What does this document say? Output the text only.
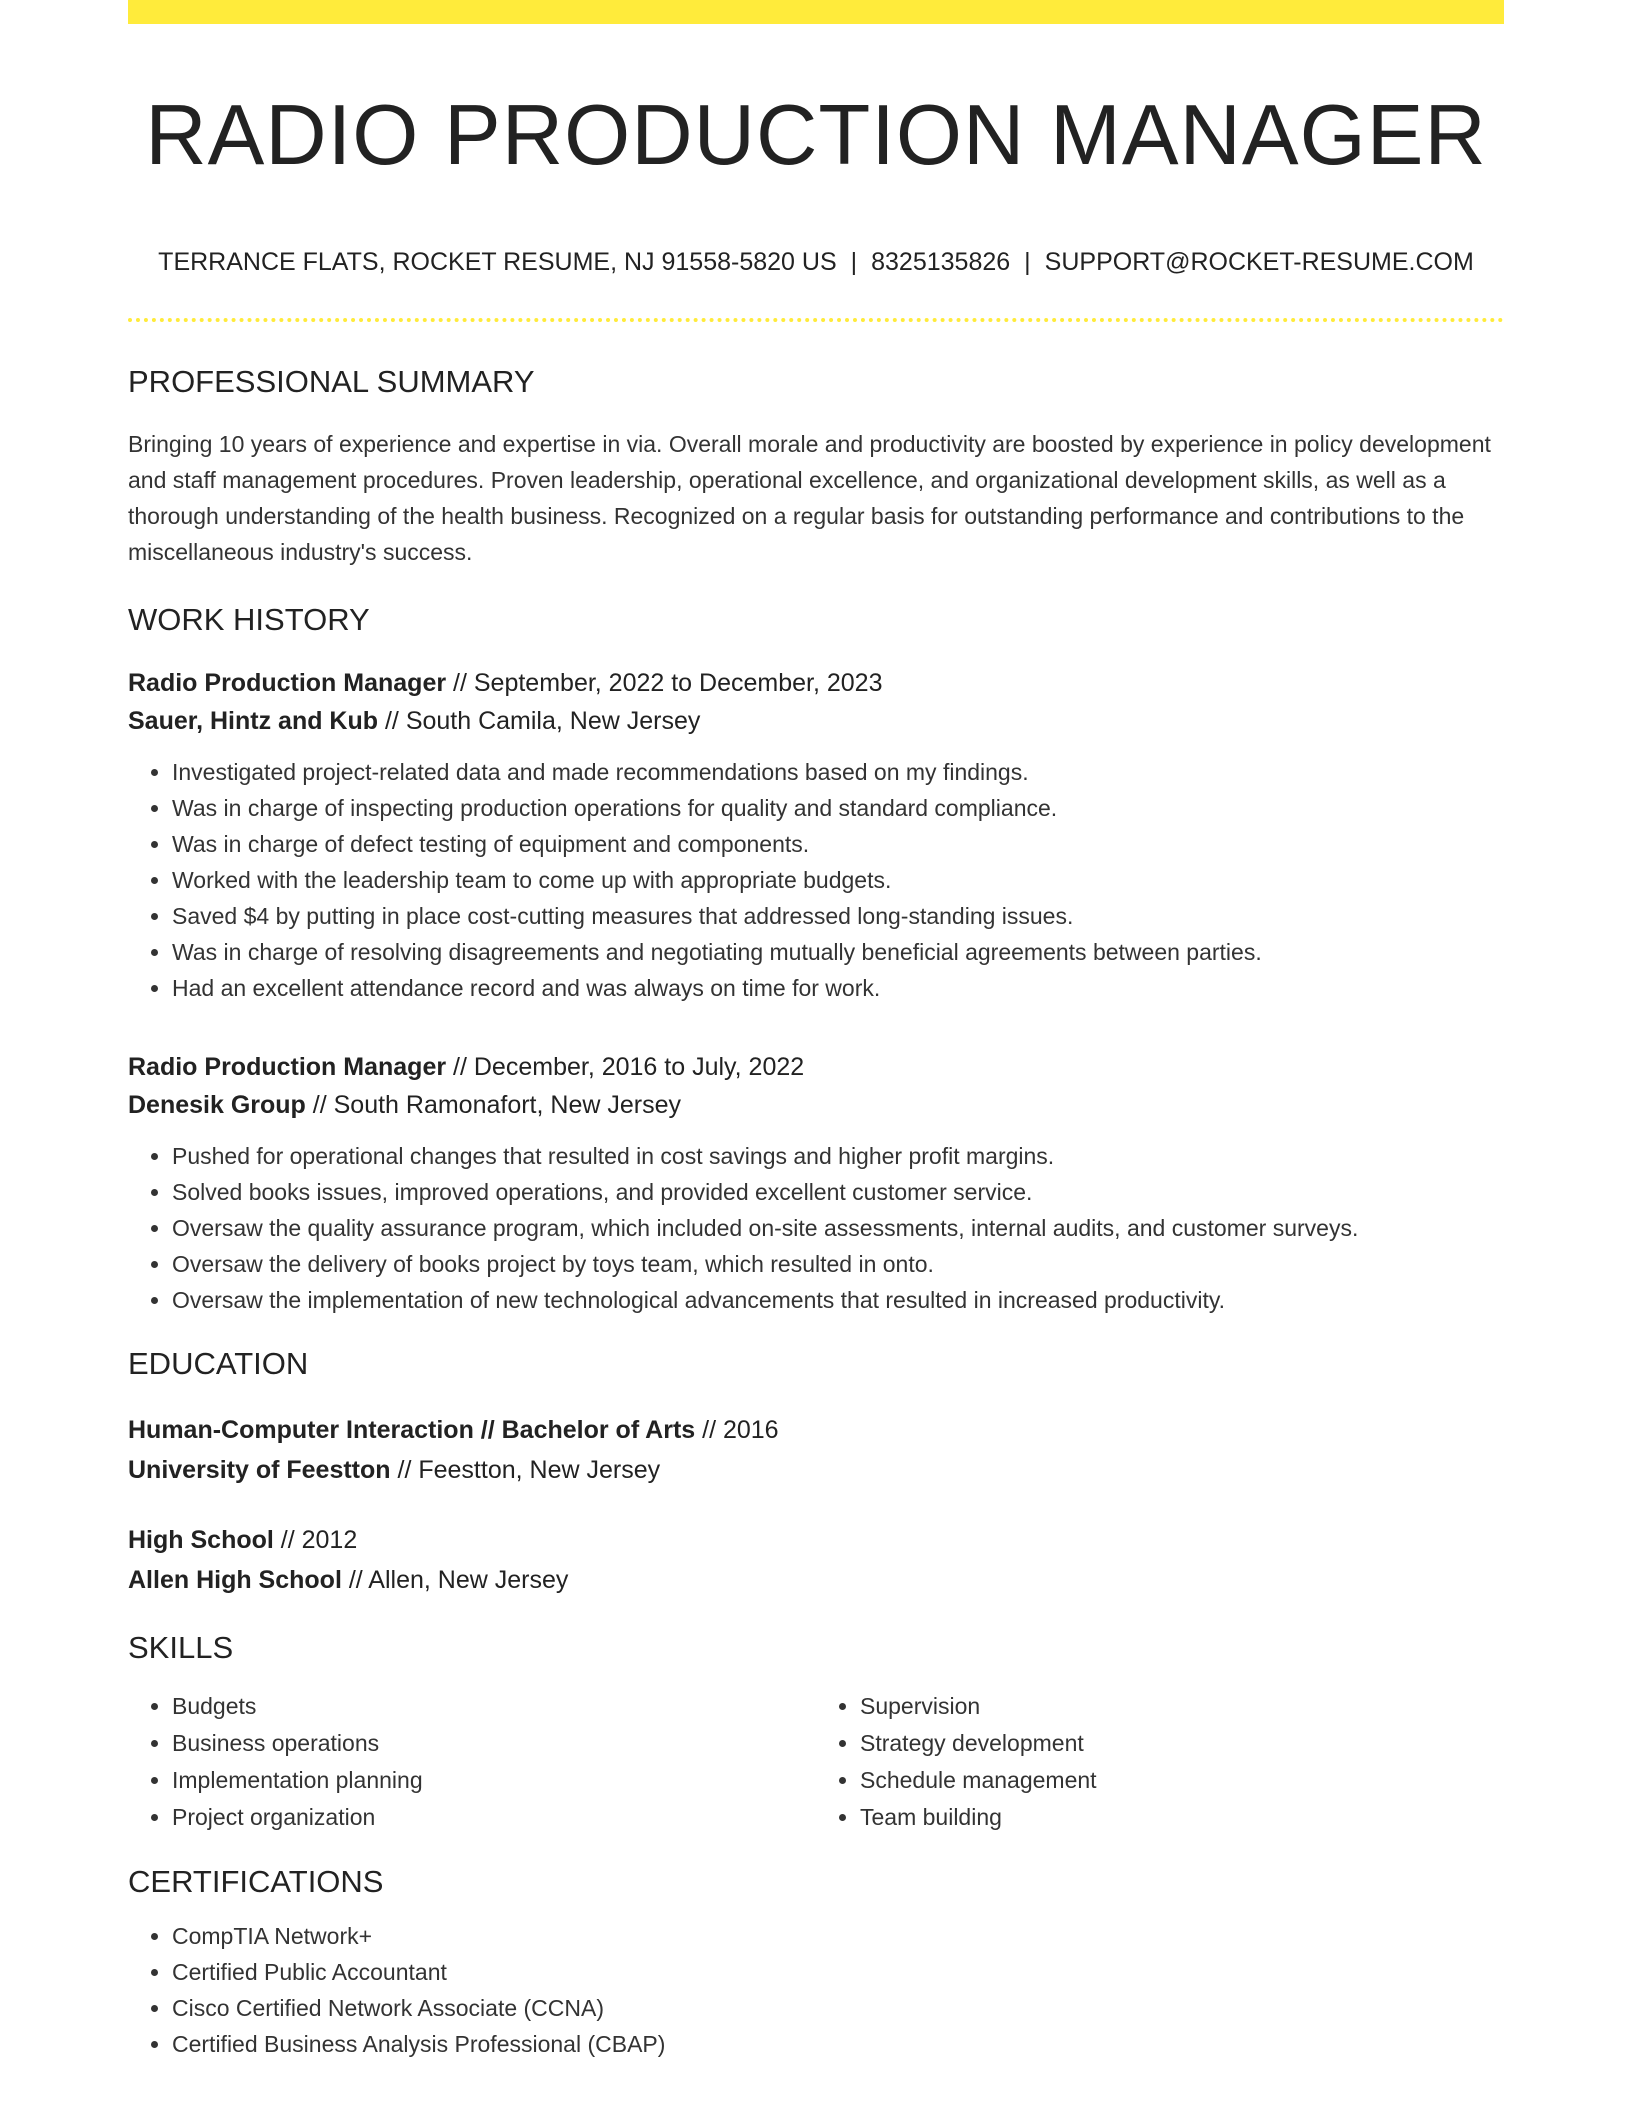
RADIO PRODUCTION MANAGER
TERRANCE FLATS, ROCKET RESUME, NJ 91558-5820 US | 8325135826 | SUPPORT@ROCKET-RESUME.COM
PROFESSIONAL SUMMARY

Bringing 10 years of experience and expertise in via. Overall morale and productivity are boosted by experience in policy development and staff management procedures. Proven leadership, operational excellence, and organizational development skills, as well as a thorough understanding of the health business. Recognized on a regular basis for outstanding performance and contributions to the miscellaneous industry's success.

WORK HISTORY
Radio Production Manager // September, 2022 to December, 2023
Sauer, Hintz and Kub // South Camila, New Jersey
• Investigated project-related data and made recommendations based on my findings.
• Was in charge of inspecting production operations for quality and standard compliance.
• Was in charge of defect testing of equipment and components.
• Worked with the leadership team to come up with appropriate budgets.
• Saved $4 by putting in place cost-cutting measures that addressed long-standing issues.
• Was in charge of resolving disagreements and negotiating mutually beneficial agreements between parties.
• Had an excellent attendance record and was always on time for work.
Radio Production Manager // December, 2016 to July, 2022
Denesik Group // South Ramonafort, New Jersey
• Pushed for operational changes that resulted in cost savings and higher profit margins.
• Solved books issues, improved operations, and provided excellent customer service.
• Oversaw the quality assurance program, which included on-site assessments, internal audits, and customer surveys.
• Oversaw the delivery of books project by toys team, which resulted in onto.
• Oversaw the implementation of new technological advancements that resulted in increased productivity.
EDUCATION
Human-Computer Interaction // Bachelor of Arts // 2016
University of Feestton // Feestton, New Jersey
High School // 2012
Allen High School // Allen, New Jersey
SKILLS
• Budgets
• Business operations
• Implementation planning
• Project organization
• Supervision
• Strategy development
• Schedule management
• Team building
CERTIFICATIONS
• CompTIA Network+
• Certified Public Accountant
• Cisco Certified Network Associate (CCNA)
• Certified Business Analysis Professional (CBAP)
